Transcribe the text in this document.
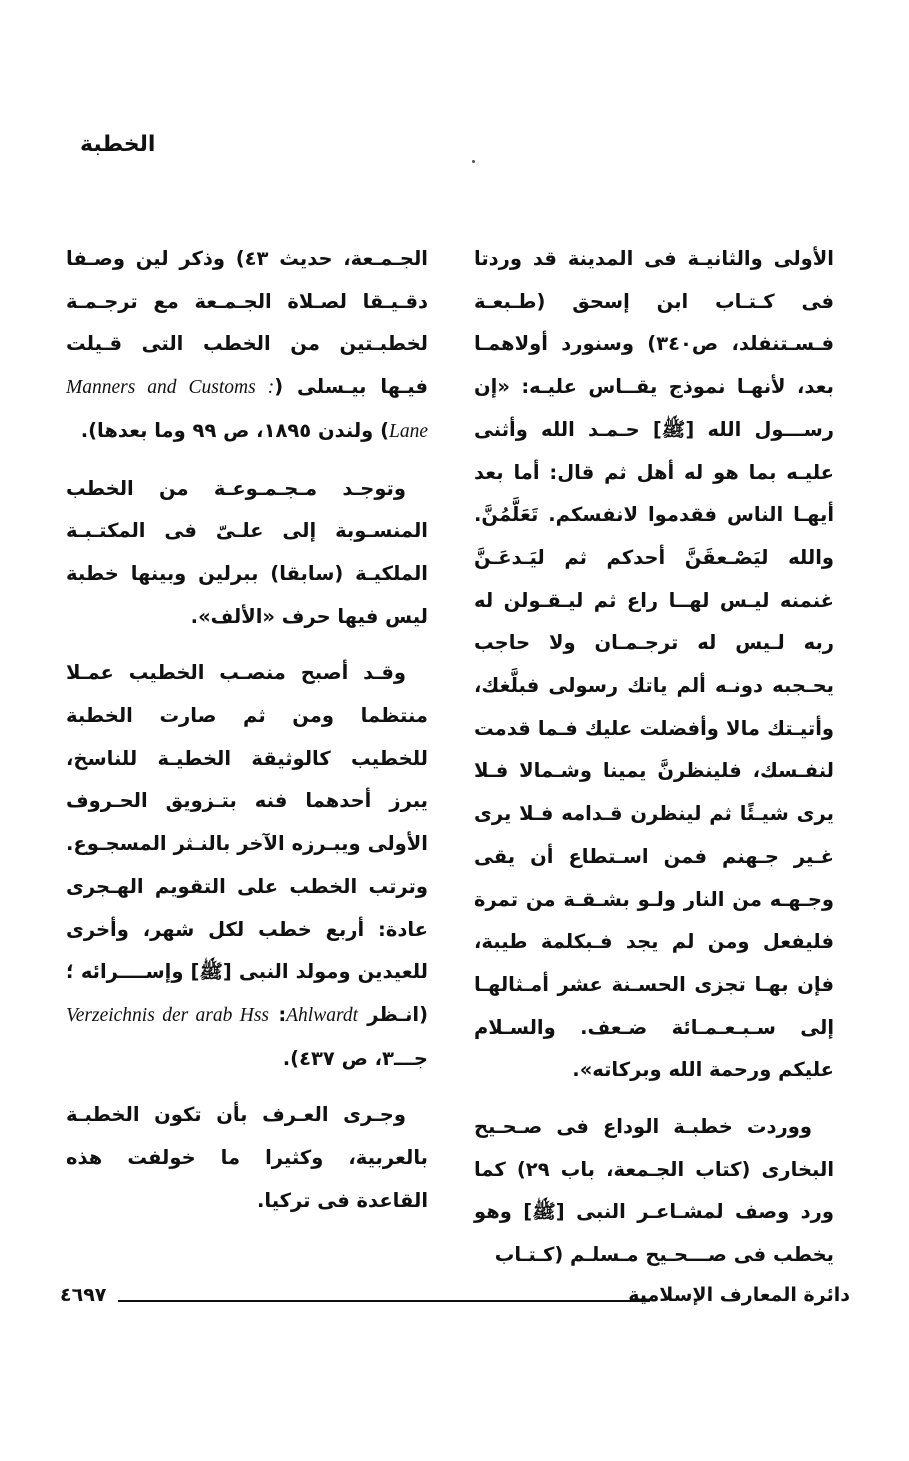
الخطبة

الأولى والثانيـة فى المدينة قد وردتا فى كـتـاب ابن إسحق (طـبعـة فـسـتنفلد، ص٣٤٠) وسنورد أولاهمـا بعد، لأنهـا نموذج يقــاس عليـه: «إن رســـول الله [ﷺ] حـمـد الله وأثنى عليـه بما هو له أهل ثم قال: أما بعد أيهـا الناس فقدموا لانفسكم. تَعَلَّمُنَّ. والله ليَصْـعقَنَّ أحدكم ثم ليَـدعَـنَّ غنمنه ليـس لهــا راع ثم ليـقـولن له ربه لـيس له ترجـمـان ولا حاجب يحـجبه دونـه ألم ياتك رسولى فبلَّغك، وأتيـتك مالا وأفضلت عليك فـما قدمت لنفـسك، فلينظرنَّ يمينا وشـمالا فـلا يرى شيـئًا ثم لينظرن قـدامه فـلا يرى غـير جـهنم فمن اسـتطاع أن يقى وجـهـه من النار ولـو بشـقـة من تمرة فليفعل ومن لم يجد فـبكلمة طيبة، فإن بهـا تجزى الحسـنة عشر أمـثالهـا إلى سـبـعـمـائة ضـعف. والسـلام عليكم ورحمة الله وبركاته».

ووردت خطبـة الوداع فى صـحـيح البخارى (كتاب الجـمعة، باب ٢٩) كما ورد وصف لمشـاعـر النبى [ﷺ] وهو يخطب فى صـــحـيح مـسلـم (كـتـاب

الجـمـعة، حديث ٤٣) وذكر لين وصـفا دقـيـقا لصـلاة الجـمـعة مع ترجـمـة لخطبـتين من الخطب التى قـيلت فيـها بيـسلى (Manners and Customs : Lane) ولندن ١٨٩٥، ص ٩٩ وما بعدها).

وتوجـد مـجـمـوعـة من الخطب المنسـوبة إلى علـىّ فى المكتـبـة الملكيـة (سابقا) ببرلين وبينها خطبة ليس فيها حرف «الألف».

وقـد أصبح منصـب الخطيب عمـلا منتظما ومن ثم صارت الخطبة للخطيب كالوثيقة الخطيـة للناسخ، يبرز أحدهما فنه بتـزويق الحـروف الأولى ويبـرزه الآخر بالنـثر المسجـوع. وترتب الخطب على التقويم الهـجرى عادة: أربع خطب لكل شهر، وأخرى للعيدين ومولد النبى [ﷺ] وإســــرائه ؛ (انـظر Ahlwardt: Verzeichnis der arab Hss جـــ٣، ص ٤٣٧).

وجـرى العـرف بأن تكون الخطبـة بالعربية، وكثيرا ما خولفت هذه القاعدة فى تركيا.

٤٦٩٧	دائرة المعارف الإسلامية
